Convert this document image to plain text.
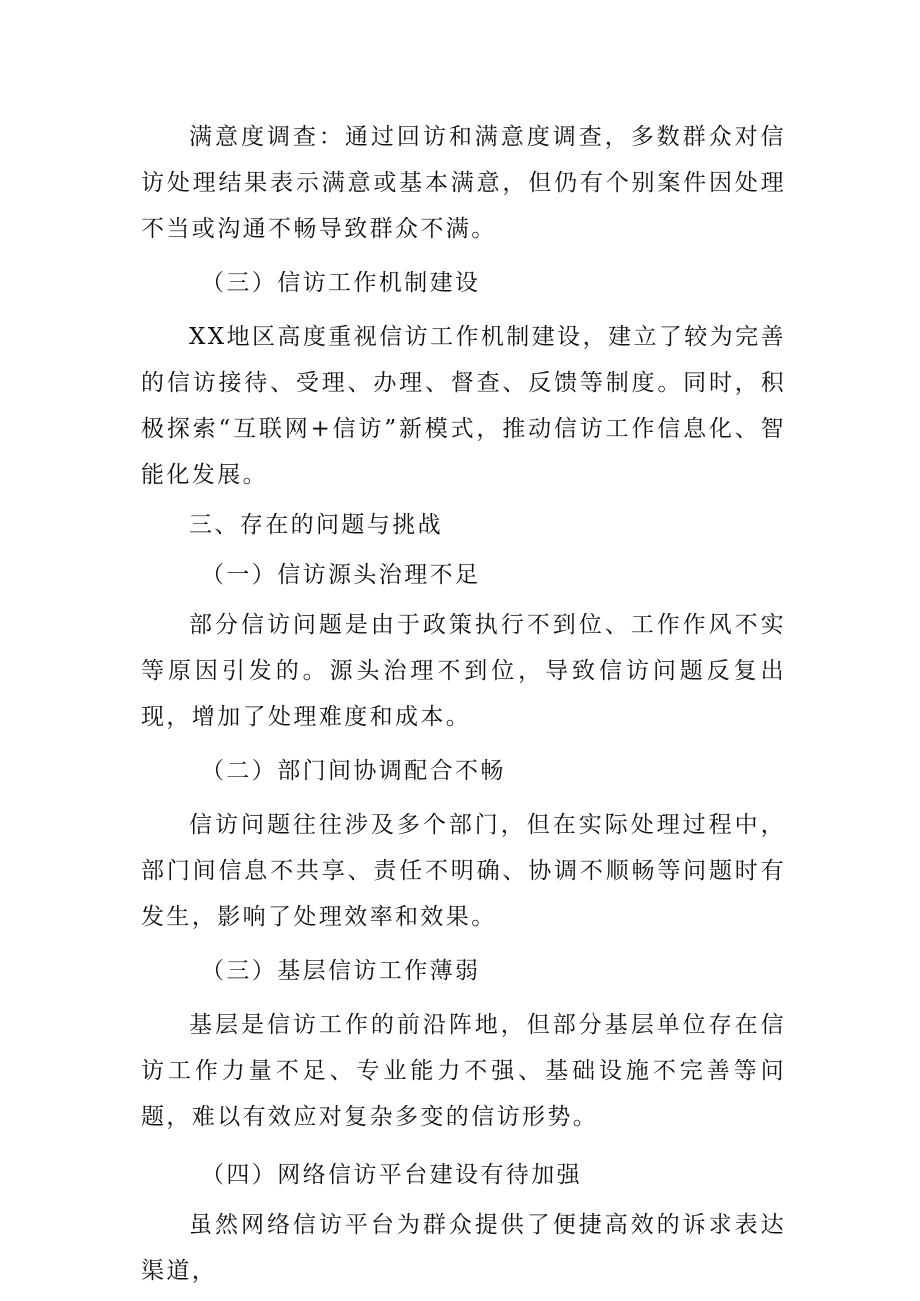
满意度调查：通过回访和满意度调查，多数群众对信访处理结果表示满意或基本满意，但仍有个别案件因处理不当或沟通不畅导致群众不满。

（三）信访工作机制建设

XX地区高度重视信访工作机制建设，建立了较为完善的信访接待、受理、办理、督查、反馈等制度。同时，积极探索“互联网+信访”新模式，推动信访工作信息化、智能化发展。

三、存在的问题与挑战

（一）信访源头治理不足

部分信访问题是由于政策执行不到位、工作作风不实等原因引发的。源头治理不到位，导致信访问题反复出现，增加了处理难度和成本。

（二）部门间协调配合不畅

信访问题往往涉及多个部门，但在实际处理过程中，部门间信息不共享、责任不明确、协调不顺畅等问题时有发生，影响了处理效率和效果。

（三）基层信访工作薄弱

基层是信访工作的前沿阵地，但部分基层单位存在信访工作力量不足、专业能力不强、基础设施不完善等问题，难以有效应对复杂多变的信访形势。

（四）网络信访平台建设有待加强

虽然网络信访平台为群众提供了便捷高效的诉求表达渠道，
